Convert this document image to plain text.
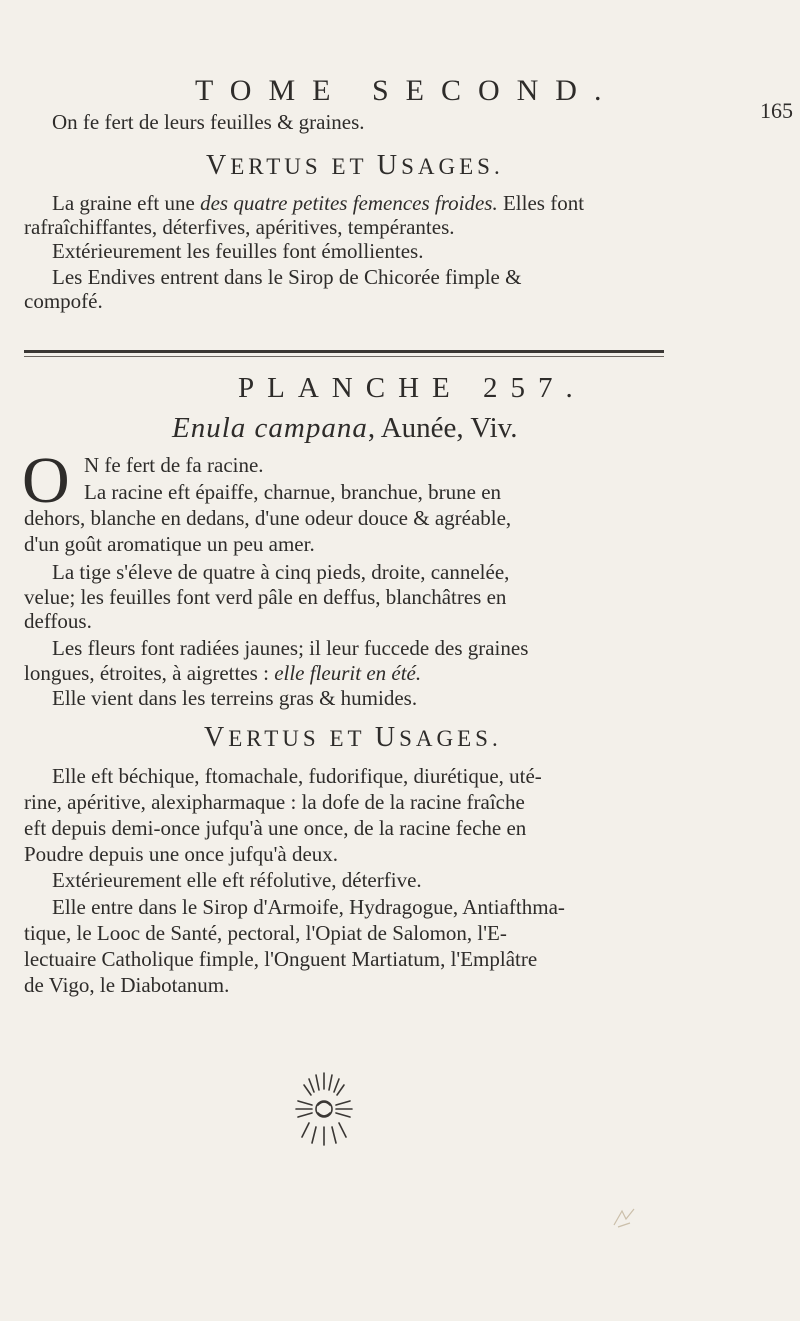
TOME SECOND.
165
On fe fert de leurs feuilles & graines.
VERTUS ET USAGES.
La graine eft une des quatre petites femences froides. Elles font
rafraîchiffantes, déterfives, apéritives, tempérantes.
Extérieurement les feuilles font émollientes.
Les Endives entrent dans le Sirop de Chicorée fimple &
compofé.
PLANCHE 257.
Enula campana, Aunée, Viv.
O N fe fert de fa racine.
La racine eft épaiffe, charnue, branchue, brune en
dehors, blanche en dedans, d'une odeur douce & agréable,
d'un goût aromatique un peu amer.
La tige s'éleve de quatre à cinq pieds, droite, cannelée,
velue; les feuilles font verd pâle en deffus, blanchâtres en
deffous.
Les fleurs font radiées jaunes; il leur fuccede des graines
longues, étroites, à aigrettes : elle fleurit en été.
Elle vient dans les terreins gras & humides.
VERTUS ET USAGES.
Elle eft béchique, ftomachale, fudorifique, diurétique, uté-
rine, apéritive, alexipharmaque : la dofe de la racine fraîche
eft depuis demi-once jufqu'à une once, de la racine feche en
Poudre depuis une once jufqu'à deux.
Extérieurement elle eft réfolutive, déterfive.
Elle entre dans le Sirop d'Armoife, Hydragogue, Antiafthma-
tique, le Looc de Santé, pectoral, l'Opiat de Salomon, l'E-
lectuaire Catholique fimple, l'Onguent Martiatum, l'Emplâtre
de Vigo, le Diabotanum.
